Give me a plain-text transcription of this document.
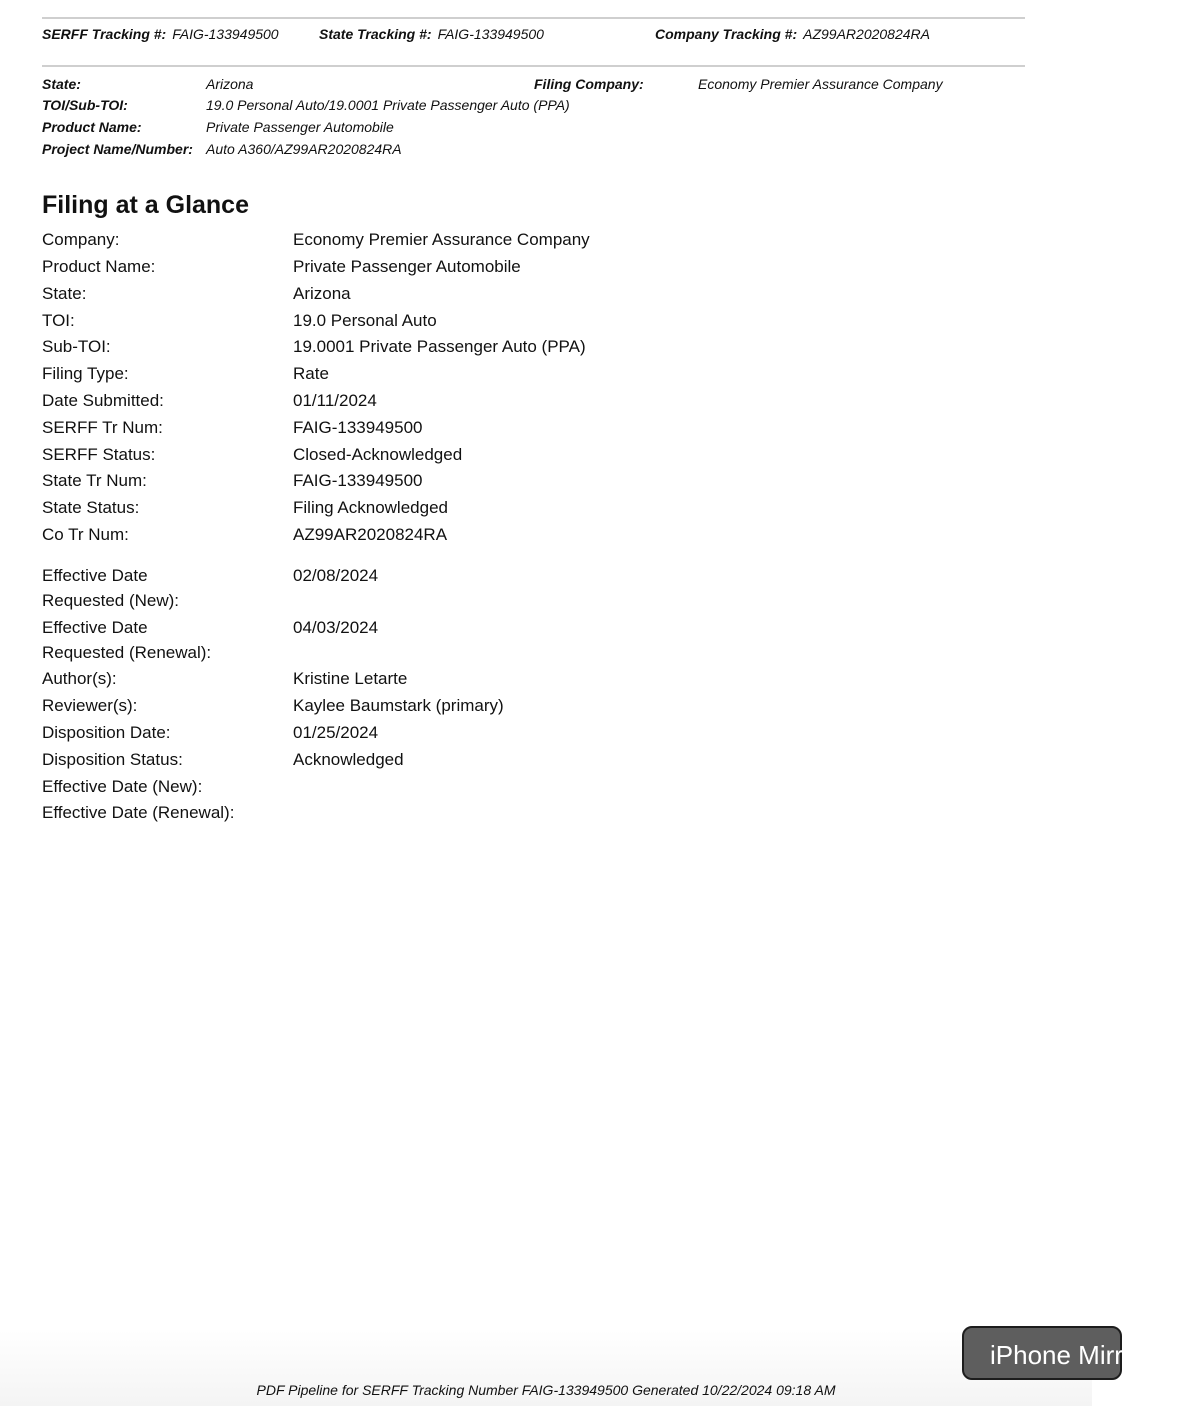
SERFF Tracking #: FAIG-133949500	State Tracking #: FAIG-133949500	Company Tracking #: AZ99AR2020824RA
State:	Arizona	Filing Company:	Economy Premier Assurance Company
TOI/Sub-TOI:	19.0 Personal Auto/19.0001 Private Passenger Auto (PPA)
Product Name:	Private Passenger Automobile
Project Name/Number: Auto A360/AZ99AR2020824RA
Filing at a Glance
Company:	Economy Premier Assurance Company
Product Name:	Private Passenger Automobile
State:	Arizona
TOI:	19.0 Personal Auto
Sub-TOI:	19.0001 Private Passenger Auto (PPA)
Filing Type:	Rate
Date Submitted:	01/11/2024
SERFF Tr Num:	FAIG-133949500
SERFF Status:	Closed-Acknowledged
State Tr Num:	FAIG-133949500
State Status:	Filing Acknowledged
Co Tr Num:	AZ99AR2020824RA
Effective Date
Requested (New):
02/08/2024
Effective Date
Requested (Renewal):
04/03/2024
Author(s):	Kristine Letarte
Reviewer(s):	Kaylee Baumstark (primary)
Disposition Date:	01/25/2024
Disposition Status:	Acknowledged
Effective Date (New):
Effective Date (Renewal):
iPhone Mirroring
PDF Pipeline for SERFF Tracking Number FAIG-133949500 Generated 10/22/2024 09:18 AM
